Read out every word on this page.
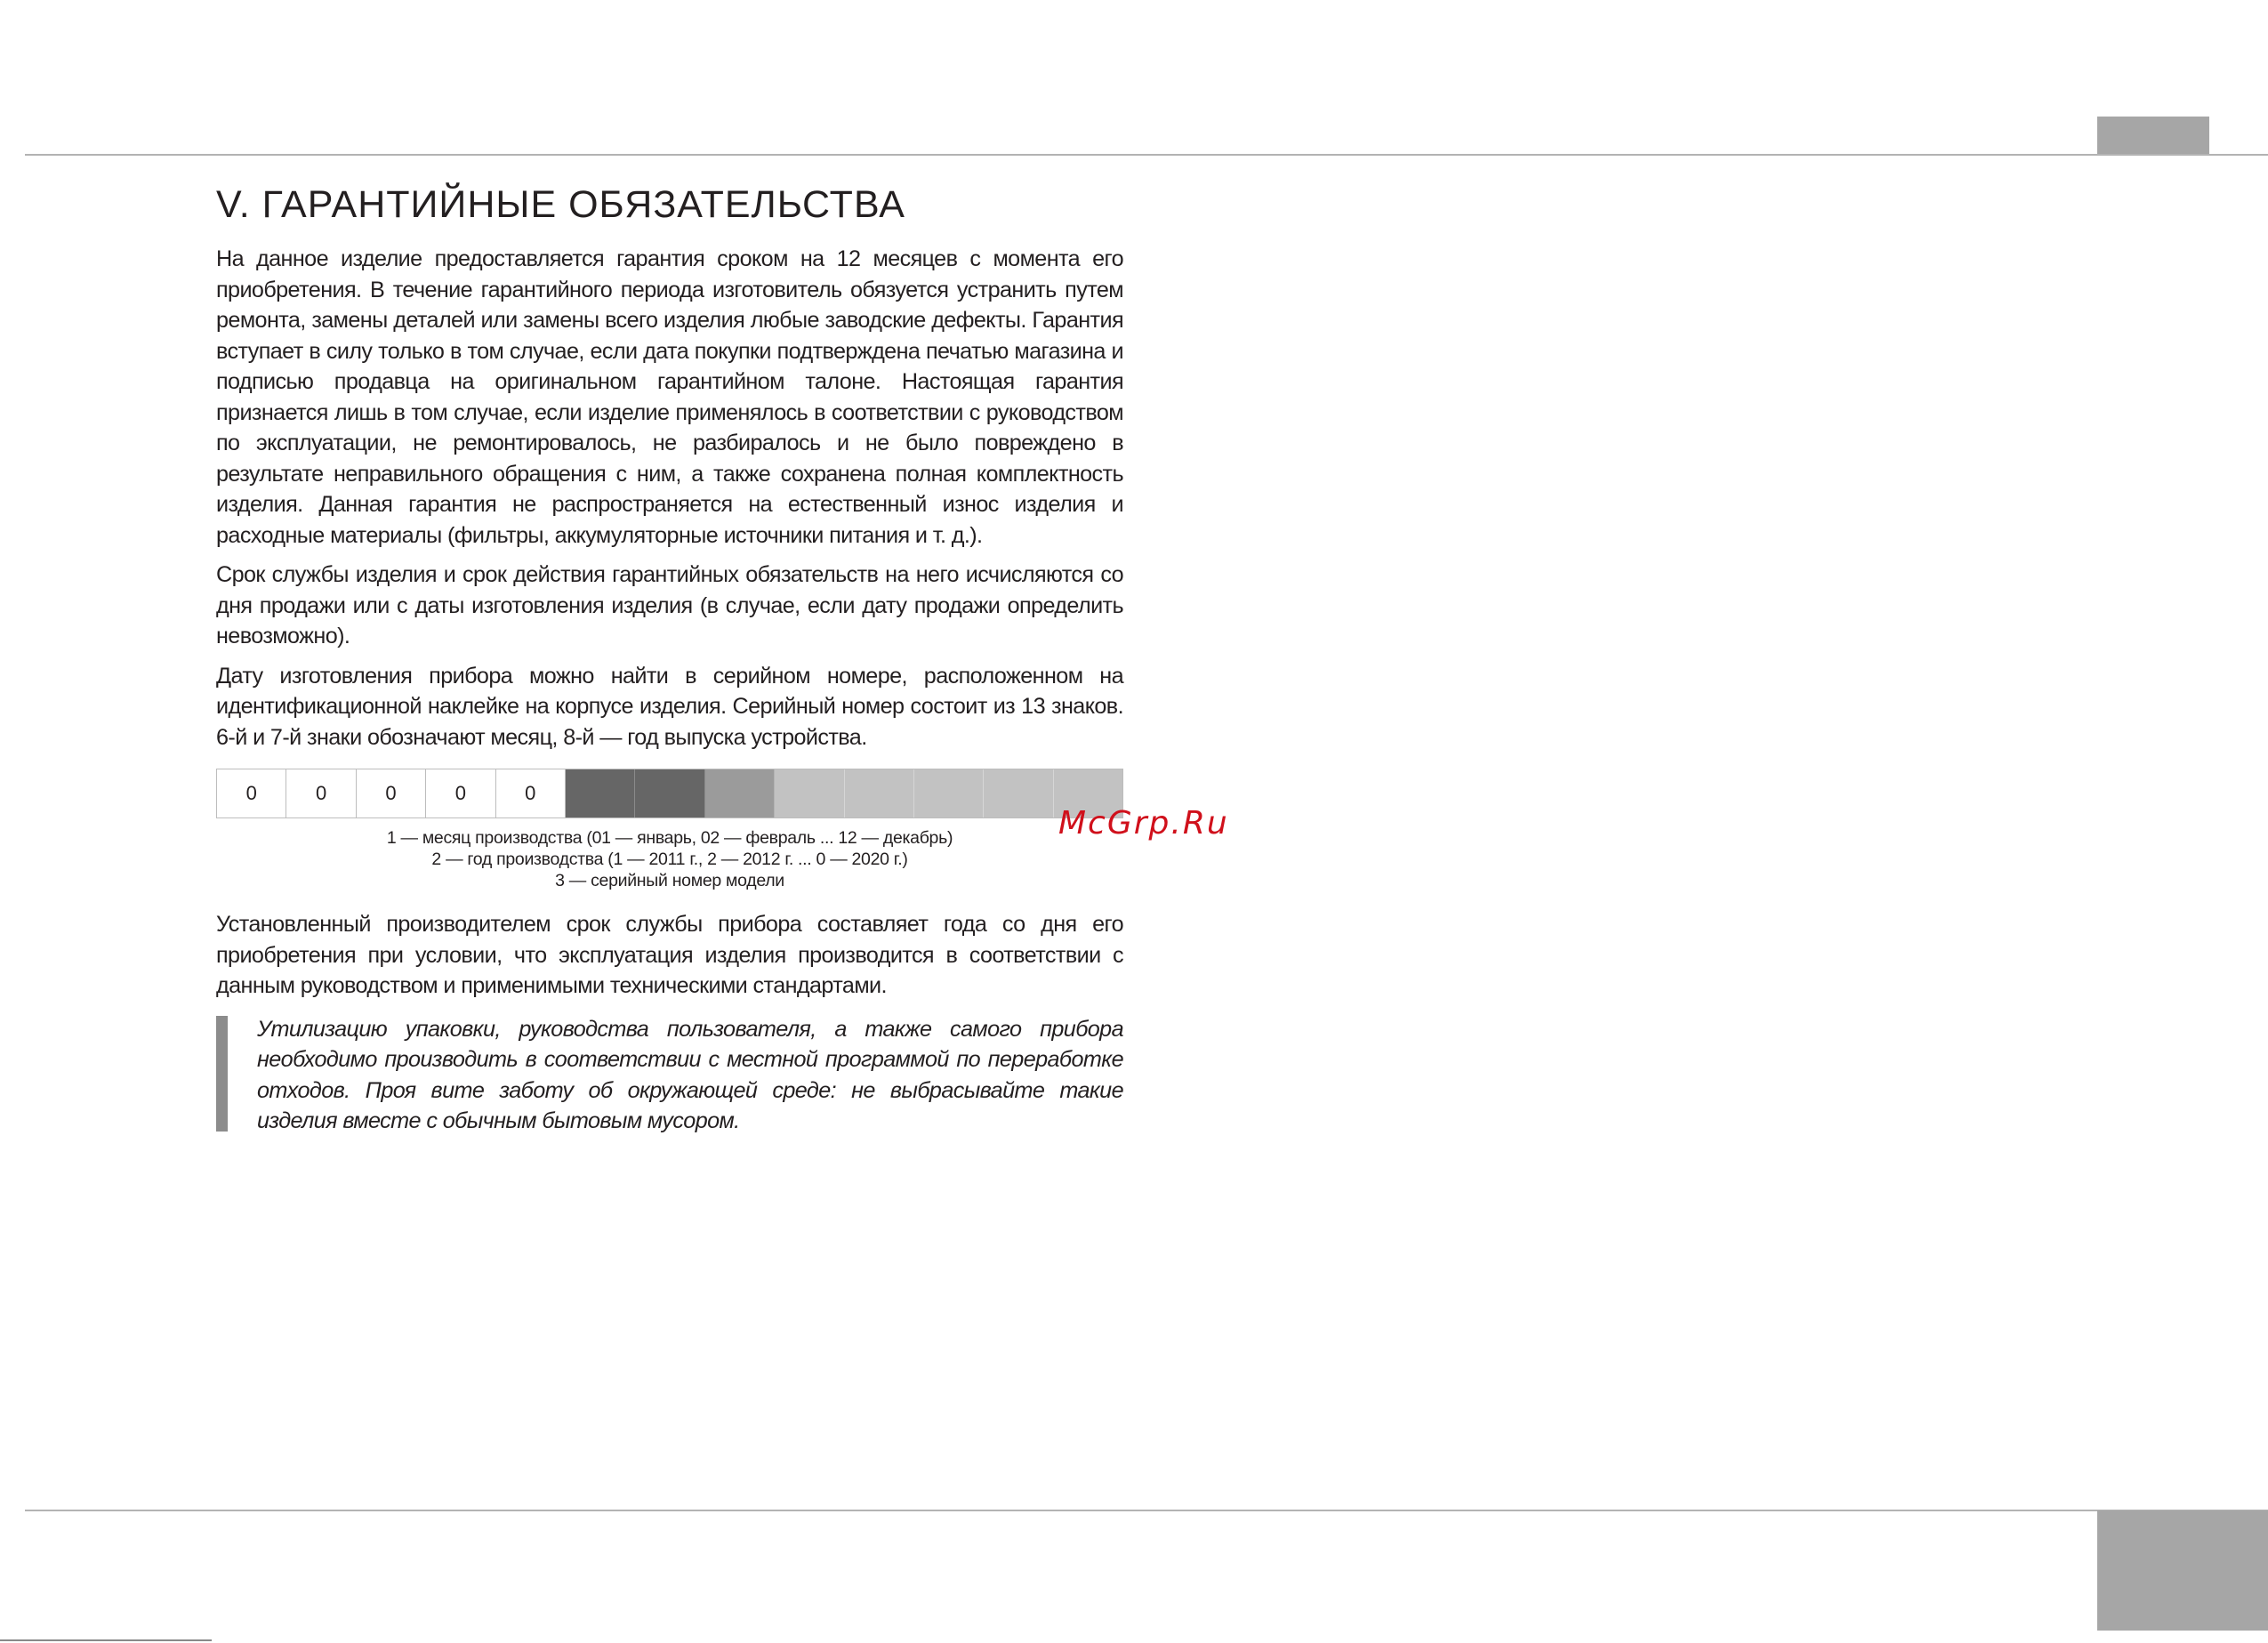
V. ГАРАНТИЙНЫЕ ОБЯЗАТЕЛЬСТВА

На данное изделие предоставляется гарантия сроком на 12 месяцев с момента его приобретения. В течение гарантийного периода изготовитель обязуется устранить путем ремонта, замены деталей или замены всего изделия любые заводские дефекты. Гарантия вступает в силу только в том случае, если дата покупки подтверждена печатью магазина и подписью продавца на оригинальном гарантийном талоне. Настоящая гарантия признается лишь в том случае, если изделие применялось в соответствии с руководством по эксплуатации, не ремонтировалось, не разбиралось и не было повреждено в результате неправильного обращения с ним, а также сохранена полная комплектность изделия. Данная гарантия не распространяется на естественный износ изделия и расходные материалы (фильтры, аккумуляторные источники питания и т. д.).

Срок службы изделия и срок действия гарантийных обязательств на него исчисляются со дня продажи или с даты изготовления изделия (в случае, если дату продажи определить невозможно).

Дату изготовления прибора можно найти в серийном номере, расположенном на идентификационной наклейке на корпусе изделия. Серийный номер состоит из 13 знаков. 6-й и 7-й знаки обозначают месяц, 8-й — год выпуска устройства.

0	0	0	0	0
1 — месяц производства (01 — январь, 02 — февраль ... 12 — декабрь)
2 — год производства (1 — 2011 г., 2 — 2012 г. ... 0 — 2020 г.)
3 — серийный номер модели

Установленный производителем срок службы прибора составляет года со дня его приобретения при условии, что эксплуатация изделия производится в соответствии с данным руководством и применимыми техническими стандартами.

Утилизацию упаковки, руководства пользователя, а также самого прибора необходимо производить в соответствии с местной программой по переработке отходов. Проя вите заботу об окружающей среде: не выбрасывайте такие изделия вместе с обычным бытовым мусором.

McGrp.Ru
